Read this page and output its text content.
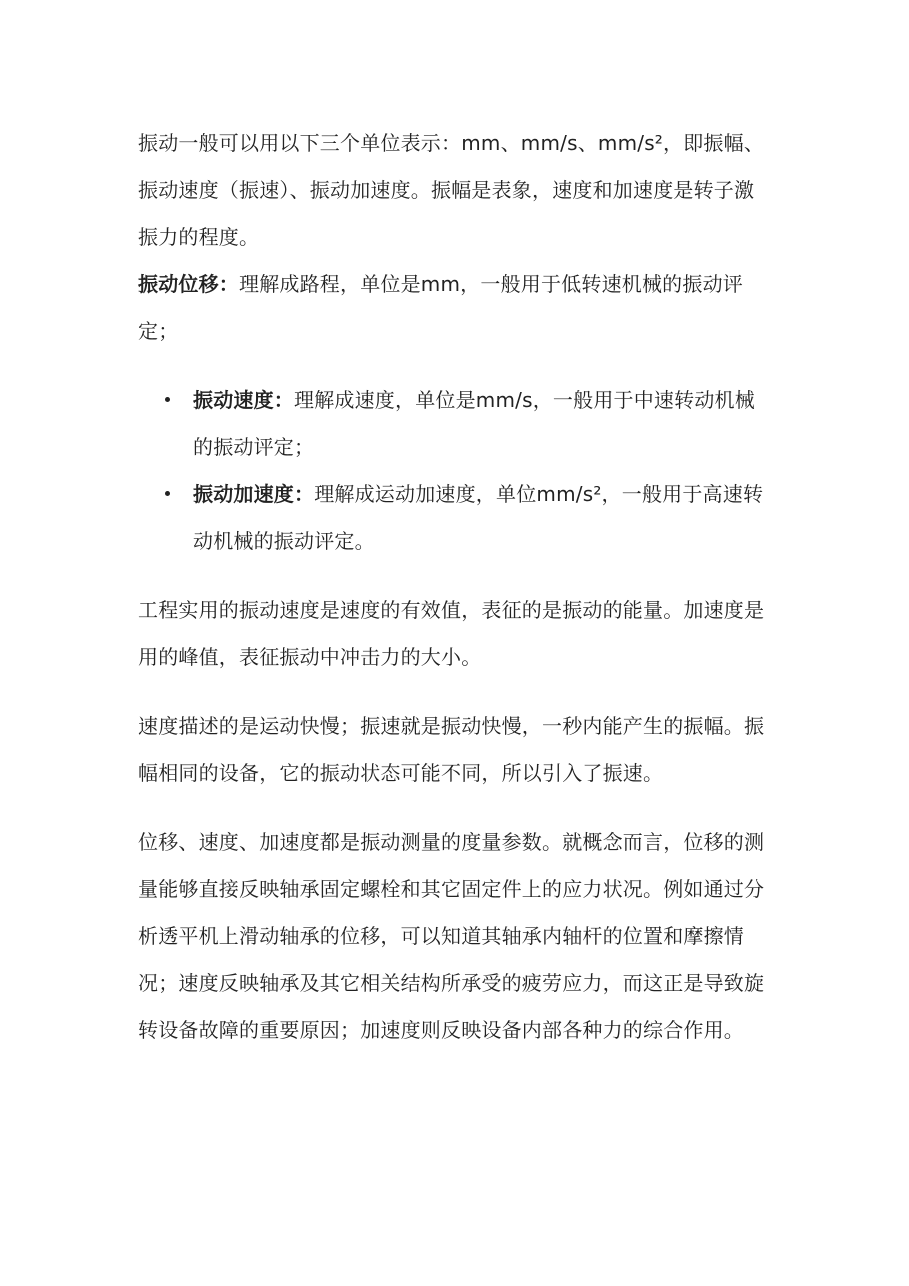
振动一般可以用以下三个单位表示：mm、mm/s、mm/s²，即振幅、振动速度（振速）、振动加速度。振幅是表象，速度和加速度是转子激振力的程度。

振动位移：理解成路程，单位是mm，一般用于低转速机械的振动评定；

振动速度：理解成速度，单位是mm/s，一般用于中速转动机械的振动评定；
振动加速度：理解成运动加速度，单位mm/s²，一般用于高速转动机械的振动评定。

工程实用的振动速度是速度的有效值，表征的是振动的能量。加速度是用的峰值，表征振动中冲击力的大小。

速度描述的是运动快慢；振速就是振动快慢，一秒内能产生的振幅。振幅相同的设备，它的振动状态可能不同，所以引入了振速。

位移、速度、加速度都是振动测量的度量参数。就概念而言，位移的测量能够直接反映轴承固定螺栓和其它固定件上的应力状况。例如通过分析透平机上滑动轴承的位移，可以知道其轴承内轴杆的位置和摩擦情况；速度反映轴承及其它相关结构所承受的疲劳应力，而这正是导致旋转设备故障的重要原因；加速度则反映设备内部各种力的综合作用。
